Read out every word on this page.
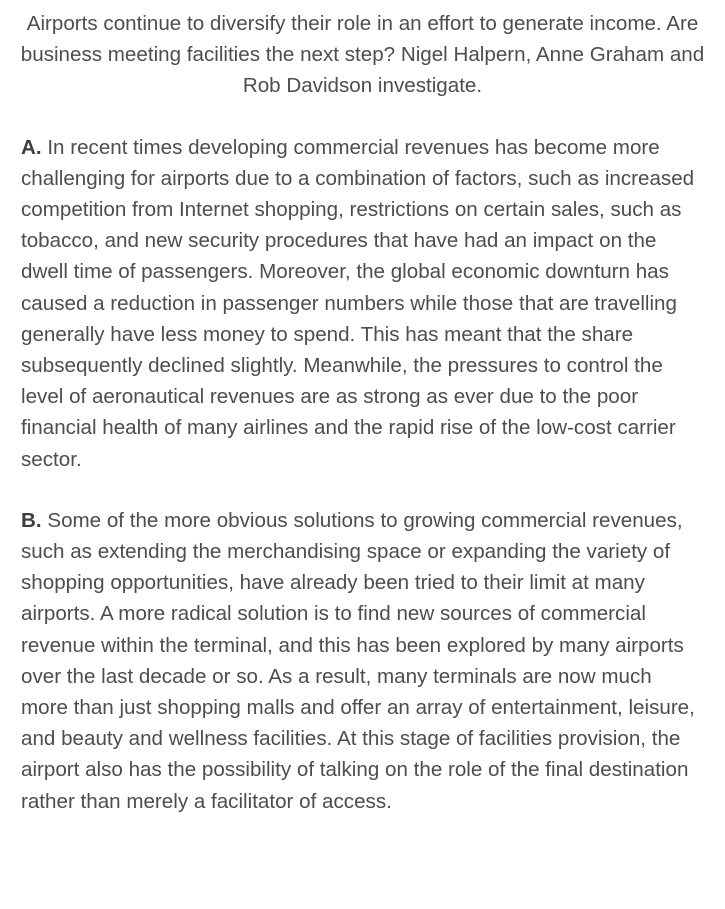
Airports continue to diversify their role in an effort to generate income. Are business meeting facilities the next step? Nigel Halpern, Anne Graham and Rob Davidson investigate.

A. In recent times developing commercial revenues has become more challenging for airports due to a combination of factors, such as increased competition from Internet shopping, restrictions on certain sales, such as tobacco, and new security procedures that have had an impact on the dwell time of passengers. Moreover, the global economic downturn has caused a reduction in passenger numbers while those that are travelling generally have less money to spend. This has meant that the share subsequently declined slightly. Meanwhile, the pressures to control the level of aeronautical revenues are as strong as ever due to the poor financial health of many airlines and the rapid rise of the low-cost carrier sector.

B. Some of the more obvious solutions to growing commercial revenues, such as extending the merchandising space or expanding the variety of shopping opportunities, have already been tried to their limit at many airports. A more radical solution is to find new sources of commercial revenue within the terminal, and this has been explored by many airports over the last decade or so. As a result, many terminals are now much more than just shopping malls and offer an array of entertainment, leisure, and beauty and wellness facilities. At this stage of facilities provision, the airport also has the possibility of talking on the role of the final destination rather than merely a facilitator of access.
